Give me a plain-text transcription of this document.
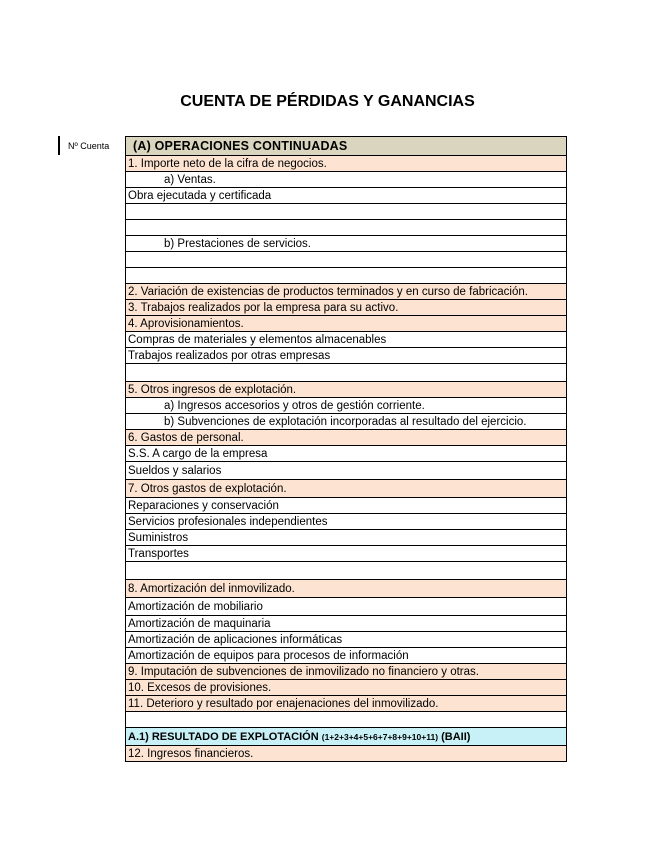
CUENTA DE PÉRDIDAS Y GANANCIAS
Nº Cuenta	(A) OPERACIONES CONTINUADAS
1. Importe neto de la cifra de negocios.
a) Ventas.
Obra ejecutada y certificada
b) Prestaciones de servicios.
2. Variación de existencias de productos terminados y en curso de fabricación.
3. Trabajos realizados por la empresa para su activo.
4. Aprovisionamientos.
Compras de materiales y elementos almacenables
Trabajos realizados por otras empresas
5. Otros ingresos de explotación.
a) Ingresos accesorios y otros de gestión corriente.
b) Subvenciones de explotación incorporadas al resultado del ejercicio.
6. Gastos de personal.
S.S. A cargo de la empresa
Sueldos y salarios
7. Otros gastos de explotación.
Reparaciones y conservación
Servicios profesionales independientes
Suministros
Transportes
8. Amortización del inmovilizado.
Amortización de mobiliario
Amortización de maquinaria
Amortización de aplicaciones informáticas
Amortización de equipos para procesos de información
9. Imputación de subvenciones de inmovilizado no financiero y otras.
10. Excesos de provisiones.
11. Deterioro y resultado por enajenaciones del inmovilizado.
A.1) RESULTADO DE EXPLOTACIÓN (1+2+3+4+5+6+7+8+9+10+11) (BAII)
12. Ingresos financieros.
